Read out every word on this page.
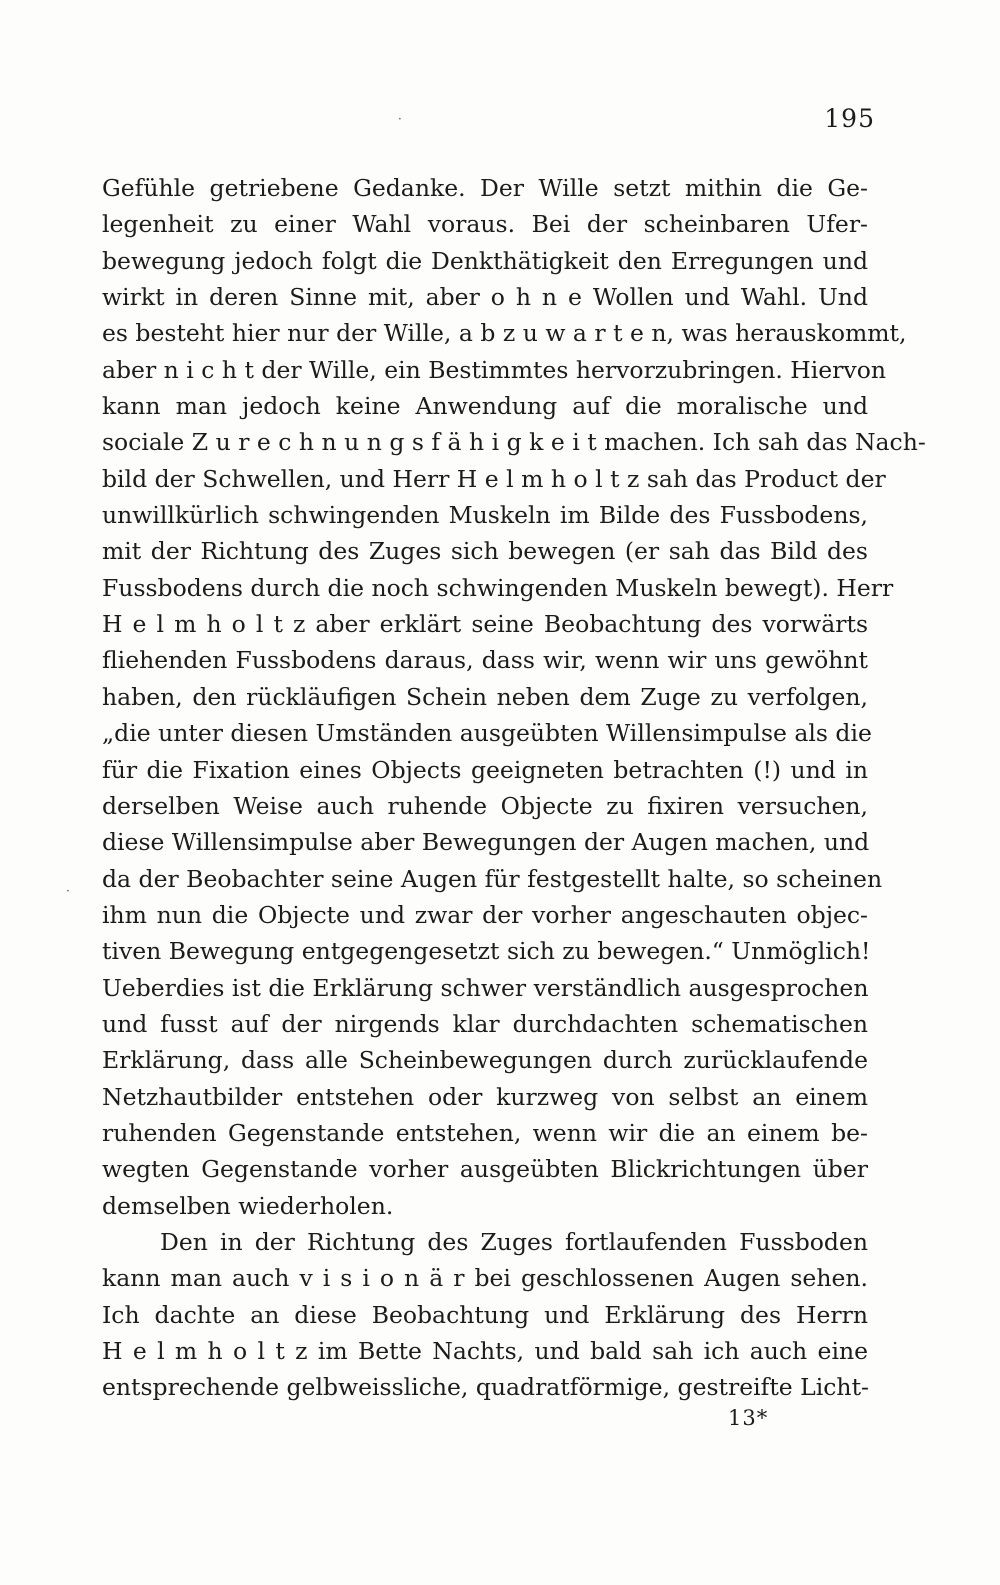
195
Gefühle getriebene Gedanke. Der Wille setzt mithin die Ge-
legenheit zu einer Wahl voraus. Bei der scheinbaren Ufer-
bewegung jedoch folgt die Denkthätigkeit den Erregungen und
wirkt in deren Sinne mit, aber o h n e Wollen und Wahl. Und
es besteht hier nur der Wille, a b z u w a r t e n, was herauskommt,
aber n i c h t der Wille, ein Bestimmtes hervorzubringen. Hiervon
kann man jedoch keine Anwendung auf die moralische und
sociale Z u r e c h n u n g s f ä h i g k e i t machen. Ich sah das Nach-
bild der Schwellen, und Herr H e l m h o l t z sah das Product der
unwillkürlich schwingenden Muskeln im Bilde des Fussbodens,
mit der Richtung des Zuges sich bewegen (er sah das Bild des
Fussbodens durch die noch schwingenden Muskeln bewegt). Herr
H e l m h o l t z aber erklärt seine Beobachtung des vorwärts
fliehenden Fussbodens daraus, dass wir, wenn wir uns gewöhnt
haben, den rückläufigen Schein neben dem Zuge zu verfolgen,
„die unter diesen Umständen ausgeübten Willensimpulse als die
für die Fixation eines Objects geeigneten betrachten (!) und in
derselben Weise auch ruhende Objecte zu fixiren versuchen,
diese Willensimpulse aber Bewegungen der Augen machen, und
da der Beobachter seine Augen für festgestellt halte, so scheinen
ihm nun die Objecte und zwar der vorher angeschauten objec-
tiven Bewegung entgegengesetzt sich zu bewegen.“ Unmöglich!
Ueberdies ist die Erklärung schwer verständlich ausgesprochen
und fusst auf der nirgends klar durchdachten schematischen
Erklärung, dass alle Scheinbewegungen durch zurücklaufende
Netzhautbilder entstehen oder kurzweg von selbst an einem
ruhenden Gegenstande entstehen, wenn wir die an einem be-
wegten Gegenstande vorher ausgeübten Blickrichtungen über
demselben wiederholen.
Den in der Richtung des Zuges fortlaufenden Fussboden
kann man auch v i s i o n ä r bei geschlossenen Augen sehen.
Ich dachte an diese Beobachtung und Erklärung des Herrn
H e l m h o l t z im Bette Nachts, und bald sah ich auch eine
entsprechende gelbweissliche, quadratförmige, gestreifte Licht-
13*
·
·
